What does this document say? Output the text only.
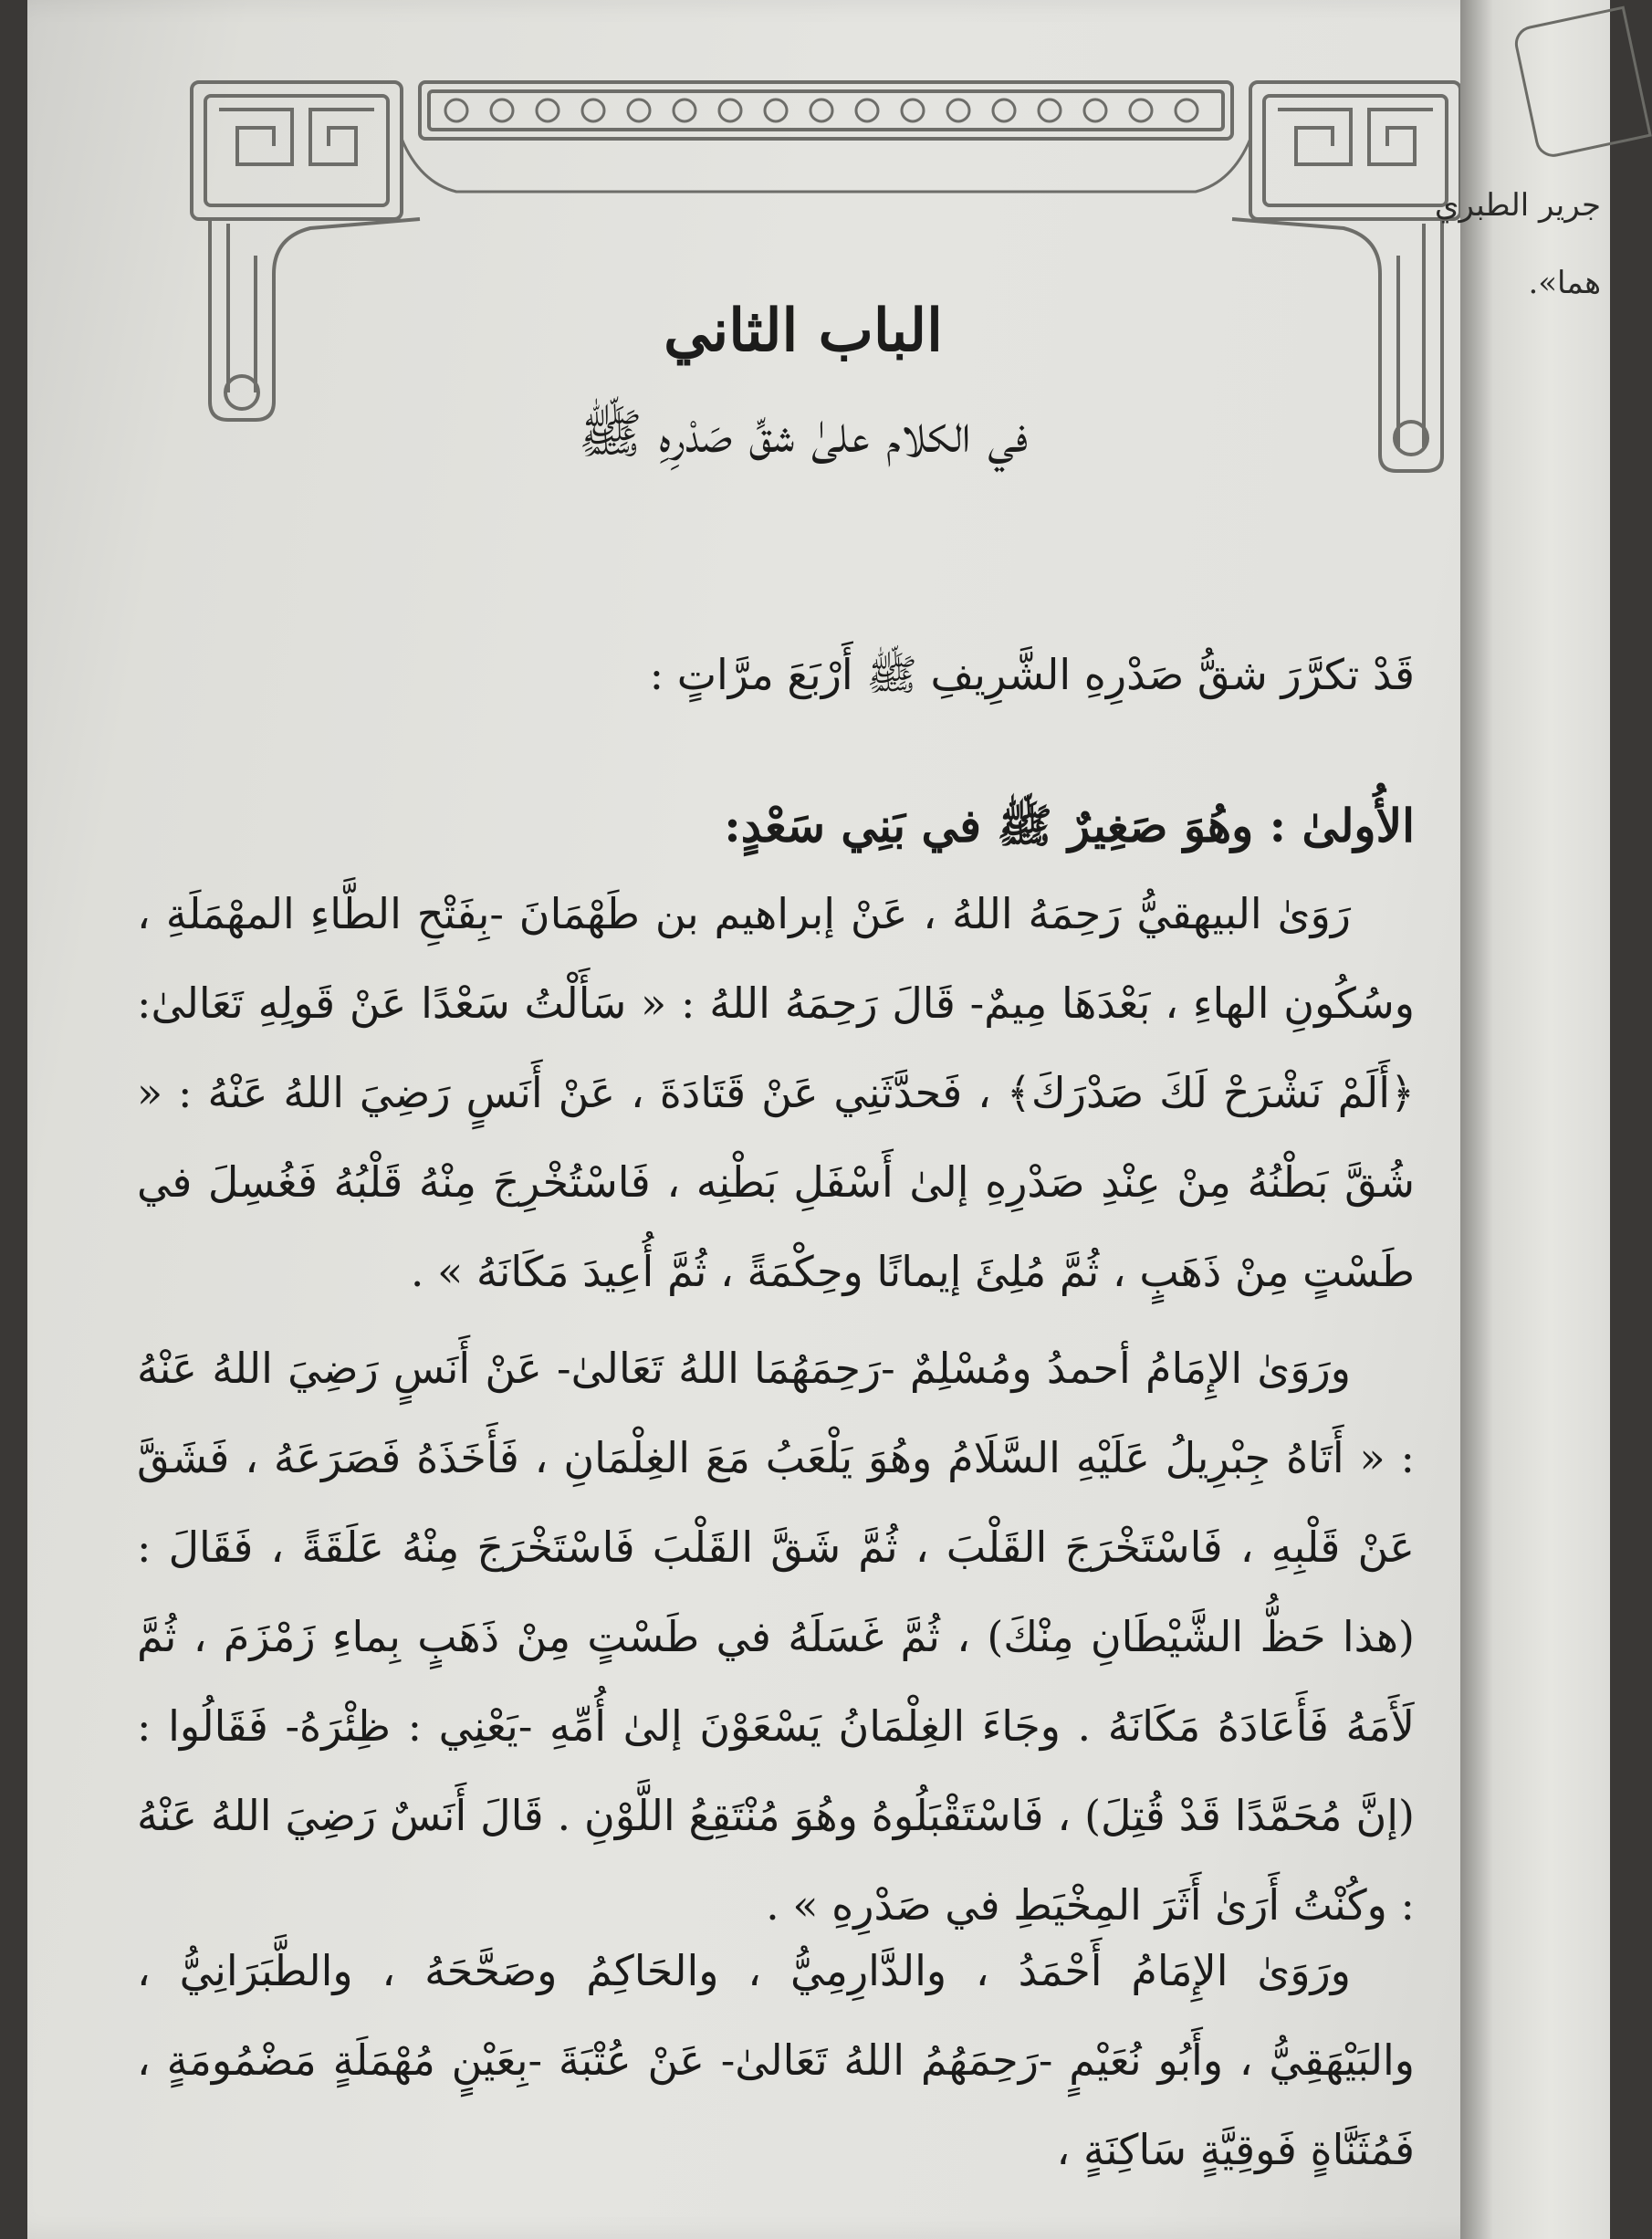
الباب الثاني
في الكلام علىٰ شقِّ صَدْرِهِ ﷺ

قَدْ تكرَّرَ شقُّ صَدْرِهِ الشَّرِيفِ ﷺ أَرْبَعَ مرَّاتٍ :

الأُولىٰ : وهُوَ صَغِيرٌ ﷺ في بَنِي سَعْدٍ:

رَوَىٰ البيهقيُّ رَحِمَهُ اللهُ ، عَنْ إبراهيم بن طَهْمَانَ -بِفَتْحِ الطَّاءِ المهْمَلَةِ ، وسُكُونِ الهاءِ ، بَعْدَهَا مِيمٌ- قَالَ رَحِمَهُ اللهُ : « سَأَلْتُ سَعْدًا عَنْ قَولِهِ تَعَالىٰ: ﴿أَلَمْ نَشْرَحْ لَكَ صَدْرَكَ﴾ ، فَحدَّثَنِي عَنْ قَتَادَةَ ، عَنْ أَنَسٍ رَضِيَ اللهُ عَنْهُ : « شُقَّ بَطْنُهُ مِنْ عِنْدِ صَدْرِهِ إلىٰ أَسْفَلِ بَطْنِه ، فَاسْتُخْرِجَ مِنْهُ قَلْبُهُ فَغُسِلَ في طَسْتٍ مِنْ ذَهَبٍ ، ثُمَّ مُلِئَ إيمانًا وحِكْمَةً ، ثُمَّ أُعِيدَ مَكَانَهُ » .

ورَوَىٰ الإِمَامُ أحمدُ ومُسْلِمٌ -رَحِمَهُمَا اللهُ تَعَالىٰ- عَنْ أَنَسٍ رَضِيَ اللهُ عَنْهُ : « أَتَاهُ جِبْرِيلُ عَلَيْهِ السَّلَامُ وهُوَ يَلْعَبُ مَعَ الغِلْمَانِ ، فَأَخَذَهُ فَصَرَعَهُ ، فَشَقَّ عَنْ قَلْبِهِ ، فَاسْتَخْرَجَ القَلْبَ ، ثُمَّ شَقَّ القَلْبَ فَاسْتَخْرَجَ مِنْهُ عَلَقَةً ، فَقَالَ : (هذا حَظُّ الشَّيْطَانِ مِنْكَ) ، ثُمَّ غَسَلَهُ في طَسْتٍ مِنْ ذَهَبٍ بِماءِ زَمْزَمَ ، ثُمَّ لَأَمَهُ فَأَعَادَهُ مَكَانَهُ . وجَاءَ الغِلْمَانُ يَسْعَوْنَ إلىٰ أُمِّهِ -يَعْنِي : ظِئْرَهُ- فَقَالُوا : (إنَّ مُحَمَّدًا قَدْ قُتِلَ) ، فَاسْتَقْبَلُوهُ وهُوَ مُنْتَقِعُ اللَّوْنِ . قَالَ أَنَسٌ رَضِيَ اللهُ عَنْهُ : وكُنْتُ أَرَىٰ أَثَرَ المِخْيَطِ في صَدْرِهِ » .

ورَوَىٰ الإِمَامُ أَحْمَدُ ، والدَّارِمِيُّ ، والحَاكِمُ وصَحَّحَهُ ، والطَّبَرَانِيُّ ، والبَيْهَقِيُّ ، وأَبُو نُعَيْمٍ -رَحِمَهُمُ اللهُ تَعَالىٰ- عَنْ عُتْبَةَ -بِعَيْنٍ مُهْمَلَةٍ مَضْمُومَةٍ ، فَمُثَنَّاةٍ فَوقِيَّةٍ سَاكِنَةٍ ،

جرير الطبري
هما».
